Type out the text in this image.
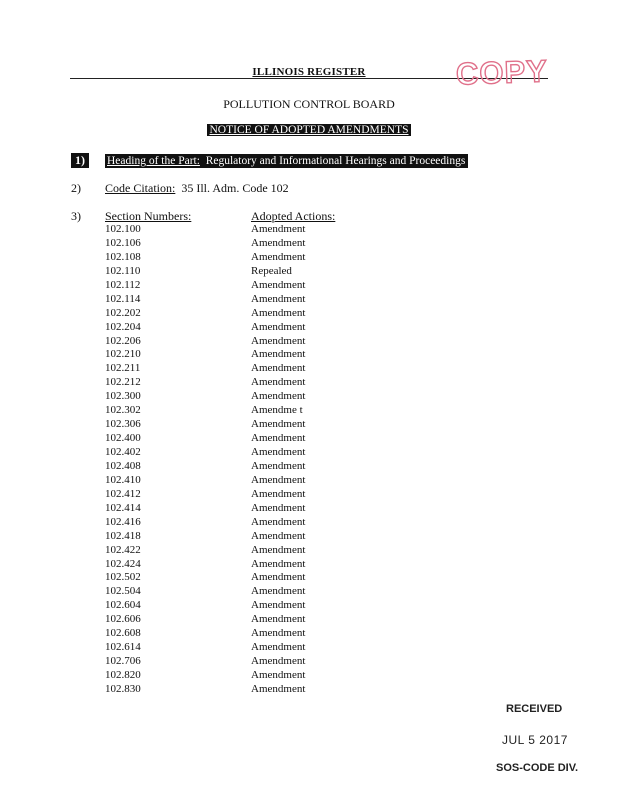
ILLINOIS REGISTER	COPY
POLLUTION CONTROL BOARD
NOTICE OF ADOPTED AMENDMENTS
1)	Heading of the Part: Regulatory and Informational Hearings and Proceedings
2) Code Citation: 35 Ill. Adm. Code 102
3) Section Numbers:	Adopted Actions:
102.100	Amendment
102.106	Amendment
102.108	Amendment
102.110	Repealed
102.112	Amendment
102.114	Amendment
102.202	Amendment
102.204	Amendment
102.206	Amendment
102.210	Amendment
102.211	Amendment
102.212	Amendment
102.300	Amendment
102.302	Amendme t
102.306	Amendment
102.400	Amendment
102.402	Amendment
102.408	Amendment
102.410	Amendment
102.412	Amendment
102.414	Amendment
102.416	Amendment
102.418	Amendment
102.422	Amendment
102.424	Amendment
102.502	Amendment
102.504	Amendment
102.604	Amendment
102.606	Amendment
102.608	Amendment
102.614	Amendment
102.706	Amendment
102.820	Amendment
102.830	Amendment
RECEIVED
JUL 5 2017
SOS-CODE DIV.
